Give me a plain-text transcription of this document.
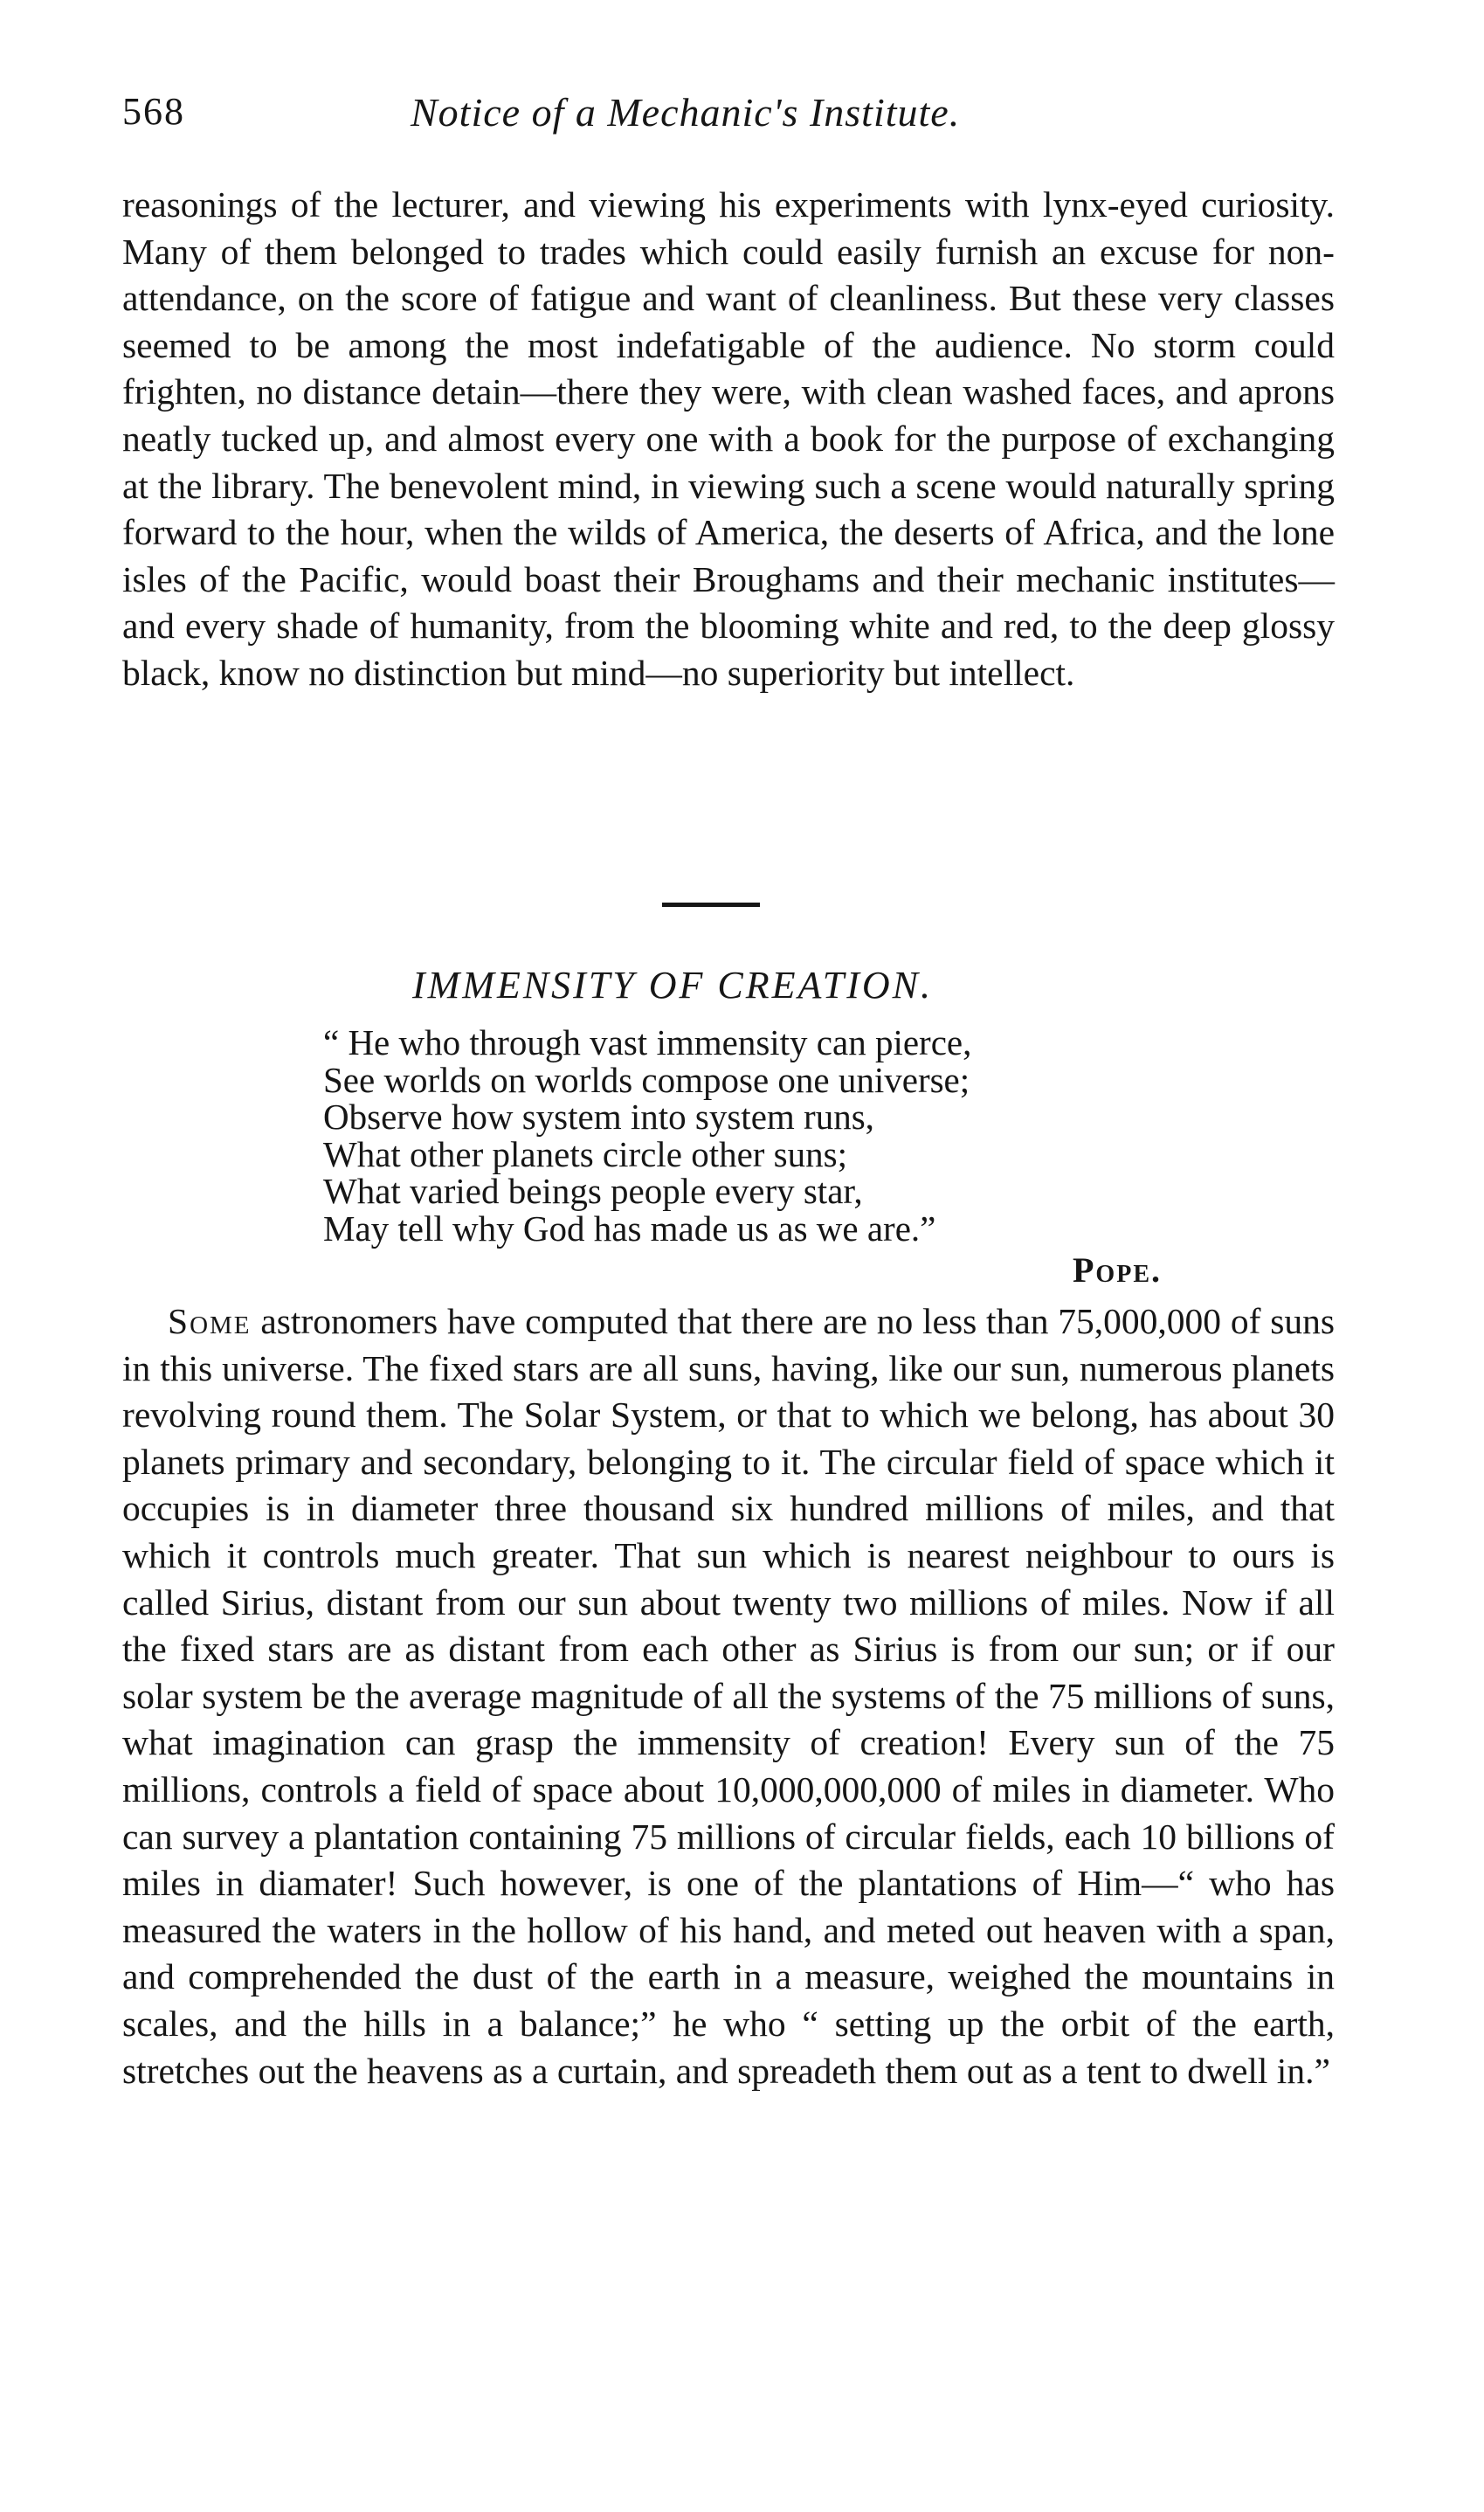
568	Notice of a Mechanic's Institute.

reasonings of the lecturer, and viewing his experiments with lynx-eyed curiosity. Many of them belonged to trades which could easily furnish an excuse for non-attendance, on the score of fatigue and want of cleanliness. But these very classes seemed to be among the most indefatigable of the audience. No storm could frighten, no distance detain—there they were, with clean washed faces, and aprons neatly tucked up, and almost every one with a book for the purpose of exchanging at the library. The benevolent mind, in viewing such a scene would naturally spring forward to the hour, when the wilds of America, the deserts of Africa, and the lone isles of the Pacific, would boast their Broughams and their mechanic institutes—and every shade of humanity, from the blooming white and red, to the deep glossy black, know no distinction but mind—no superiority but intellect.

IMMENSITY OF CREATION.
“ He who through vast immensity can pierce,
See worlds on worlds compose one universe;
Observe how system into system runs,
What other planets circle other suns;
What varied beings people every star,
May tell why God has made us as we are.”
Pope.

Some astronomers have computed that there are no less than 75,000,000 of suns in this universe. The fixed stars are all suns, having, like our sun, numerous planets revolving round them. The Solar System, or that to which we belong, has about 30 planets primary and secondary, belonging to it. The circular field of space which it occupies is in diameter three thousand six hundred millions of miles, and that which it controls much greater. That sun which is nearest neighbour to ours is called Sirius, distant from our sun about twenty two millions of miles. Now if all the fixed stars are as distant from each other as Sirius is from our sun; or if our solar system be the average magnitude of all the systems of the 75 millions of suns, what imagination can grasp the immensity of creation! Every sun of the 75 millions, controls a field of space about 10,000,000,000 of miles in diameter. Who can survey a plantation containing 75 millions of circular fields, each 10 billions of miles in diamater! Such however, is one of the plantations of Him—“ who has measured the waters in the hollow of his hand, and meted out heaven with a span, and comprehended the dust of the earth in a measure, weighed the mountains in scales, and the hills in a balance;” he who “ setting up the orbit of the earth, stretches out the heavens as a curtain, and spreadeth them out as a tent to dwell in.”
